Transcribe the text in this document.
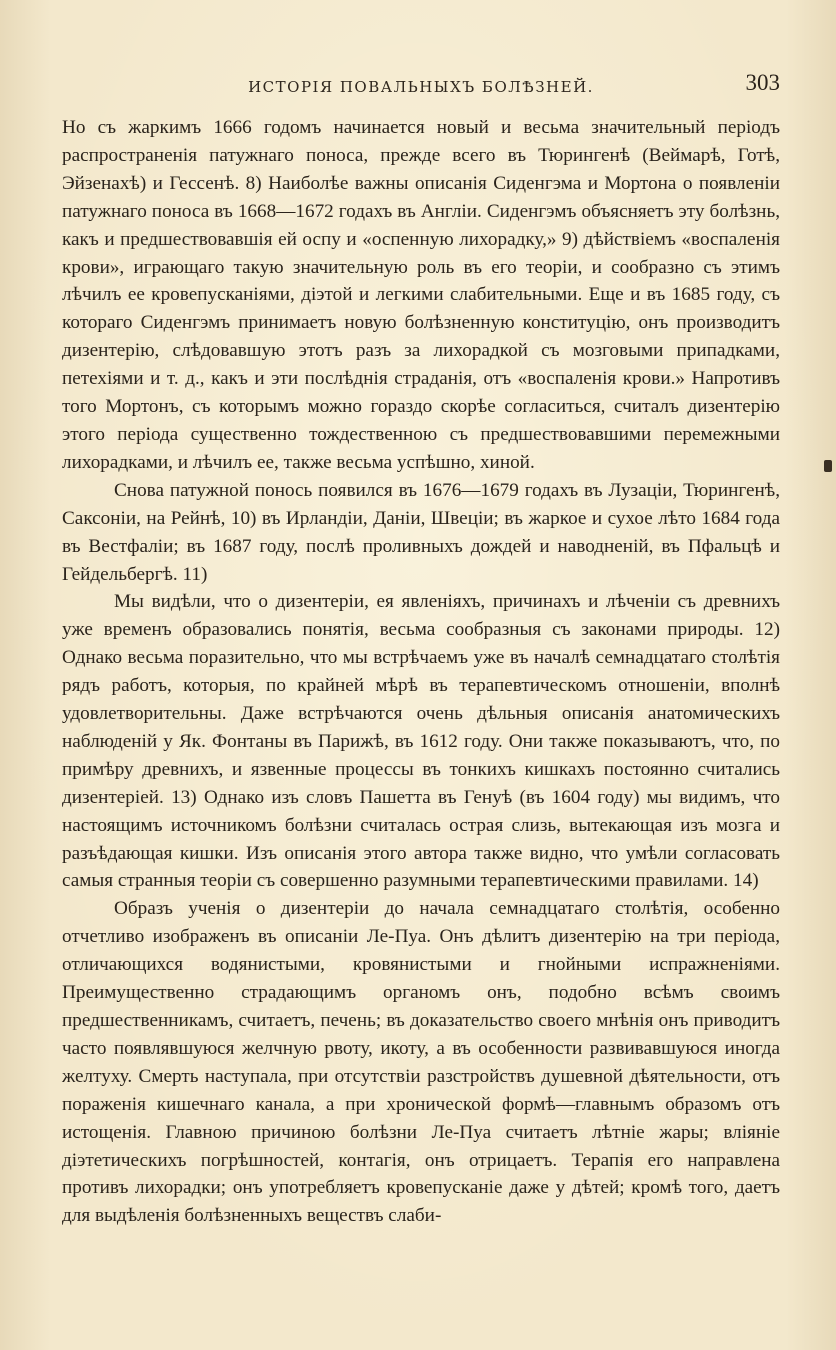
ИСТОРІЯ ПОВАЛЬНЫХЪ БОЛѢЗНЕЙ.	303

Но съ жаркимъ 1666 годомъ начинается новый и весьма значительный періодъ распространенія патужнаго поноса, прежде всего въ Тюрингенѣ (Веймарѣ, Готѣ, Эйзенахѣ) и Гессенѣ. 8) Наиболѣе важны описанія Сиденгэма и Мортона о появленіи патужнаго поноса въ 1668—1672 годахъ въ Англіи. Сиденгэмъ объясняетъ эту болѣзнь, какъ и предшествовавшія ей оспу и «оспенную лихорадку,» 9) дѣйствіемъ «воспаленія крови», играющаго такую значительную роль въ его теоріи, и сообразно съ этимъ лѣчилъ ее кровепусканіями, діэтой и легкими слабительными. Еще и въ 1685 году, съ котораго Сиденгэмъ принимаетъ новую болѣзненную конституцію, онъ производитъ дизентерію, слѣдовавшую этотъ разъ за лихорадкой съ мозговыми припадками, петехіями и т. д., какъ и эти послѣднія страданія, отъ «воспаленія крови.» Напротивъ того Мортонъ, съ которымъ можно гораздо скорѣе согласиться, считалъ дизентерію этого періода существенно тождественною съ предшествовавшими перемежными лихорадками, и лѣчилъ ее, также весьма успѣшно, хиной.

Снова патужной понось появился въ 1676—1679 годахъ въ Лузаціи, Тюрингенѣ, Саксоніи, на Рейнѣ, 10) въ Ирландіи, Даніи, Швеціи; въ жаркое и сухое лѣто 1684 года въ Вестфаліи; въ 1687 году, послѣ проливныхъ дождей и наводненій, въ Пфальцѣ и Гейдельбергѣ. 11)

Мы видѣли, что о дизентеріи, ея явленіяхъ, причинахъ и лѣченіи съ древнихъ уже временъ образовались понятія, весьма сообразныя съ законами природы. 12) Однако весьма поразительно, что мы встрѣчаемъ уже въ началѣ семнадцатаго столѣтія рядъ работъ, которыя, по крайней мѣрѣ въ терапевтическомъ отношеніи, вполнѣ удовлетворительны. Даже встрѣчаются очень дѣльныя описанія анатомическихъ наблюденій у Як. Фонтаны въ Парижѣ, въ 1612 году. Они также показываютъ, что, по примѣру древнихъ, и язвенные процессы въ тонкихъ кишкахъ постоянно считались дизентеріей. 13) Однако изъ словъ Пашетта въ Генуѣ (въ 1604 году) мы видимъ, что настоящимъ источникомъ болѣзни считалась острая слизь, вытекающая изъ мозга и разъѣдающая кишки. Изъ описанія этого автора также видно, что умѣли согласовать самыя странныя теоріи съ совершенно разумными терапевтическими правилами. 14)

Образъ ученія о дизентеріи до начала семнадцатаго столѣтія, особенно отчетливо изображенъ въ описаніи Ле-Пуа. Онъ дѣлитъ дизентерію на три періода, отличающихся водянистыми, кровянистыми и гнойными испражненіями. Преимущественно страдающимъ органомъ онъ, подобно всѣмъ своимъ предшественникамъ, считаетъ, печень; въ доказательство своего мнѣнія онъ приводитъ часто появлявшуюся желчную рвоту, икоту, а въ особенности развивавшуюся иногда желтуху. Смерть наступала, при отсутствіи разстройствъ душевной дѣятельности, отъ пораженія кишечнаго канала, а при хронической формѣ—главнымъ образомъ отъ истощенія. Главною причиною болѣзни Ле-Пуа считаетъ лѣтніе жары; вліяніе діэтетическихъ погрѣшностей, контагія, онъ отрицаетъ. Терапія его направлена противъ лихорадки; онъ употребляетъ кровепусканіе даже у дѣтей; кромѣ того, даетъ для выдѣленія болѣзненныхъ веществъ слаби-
